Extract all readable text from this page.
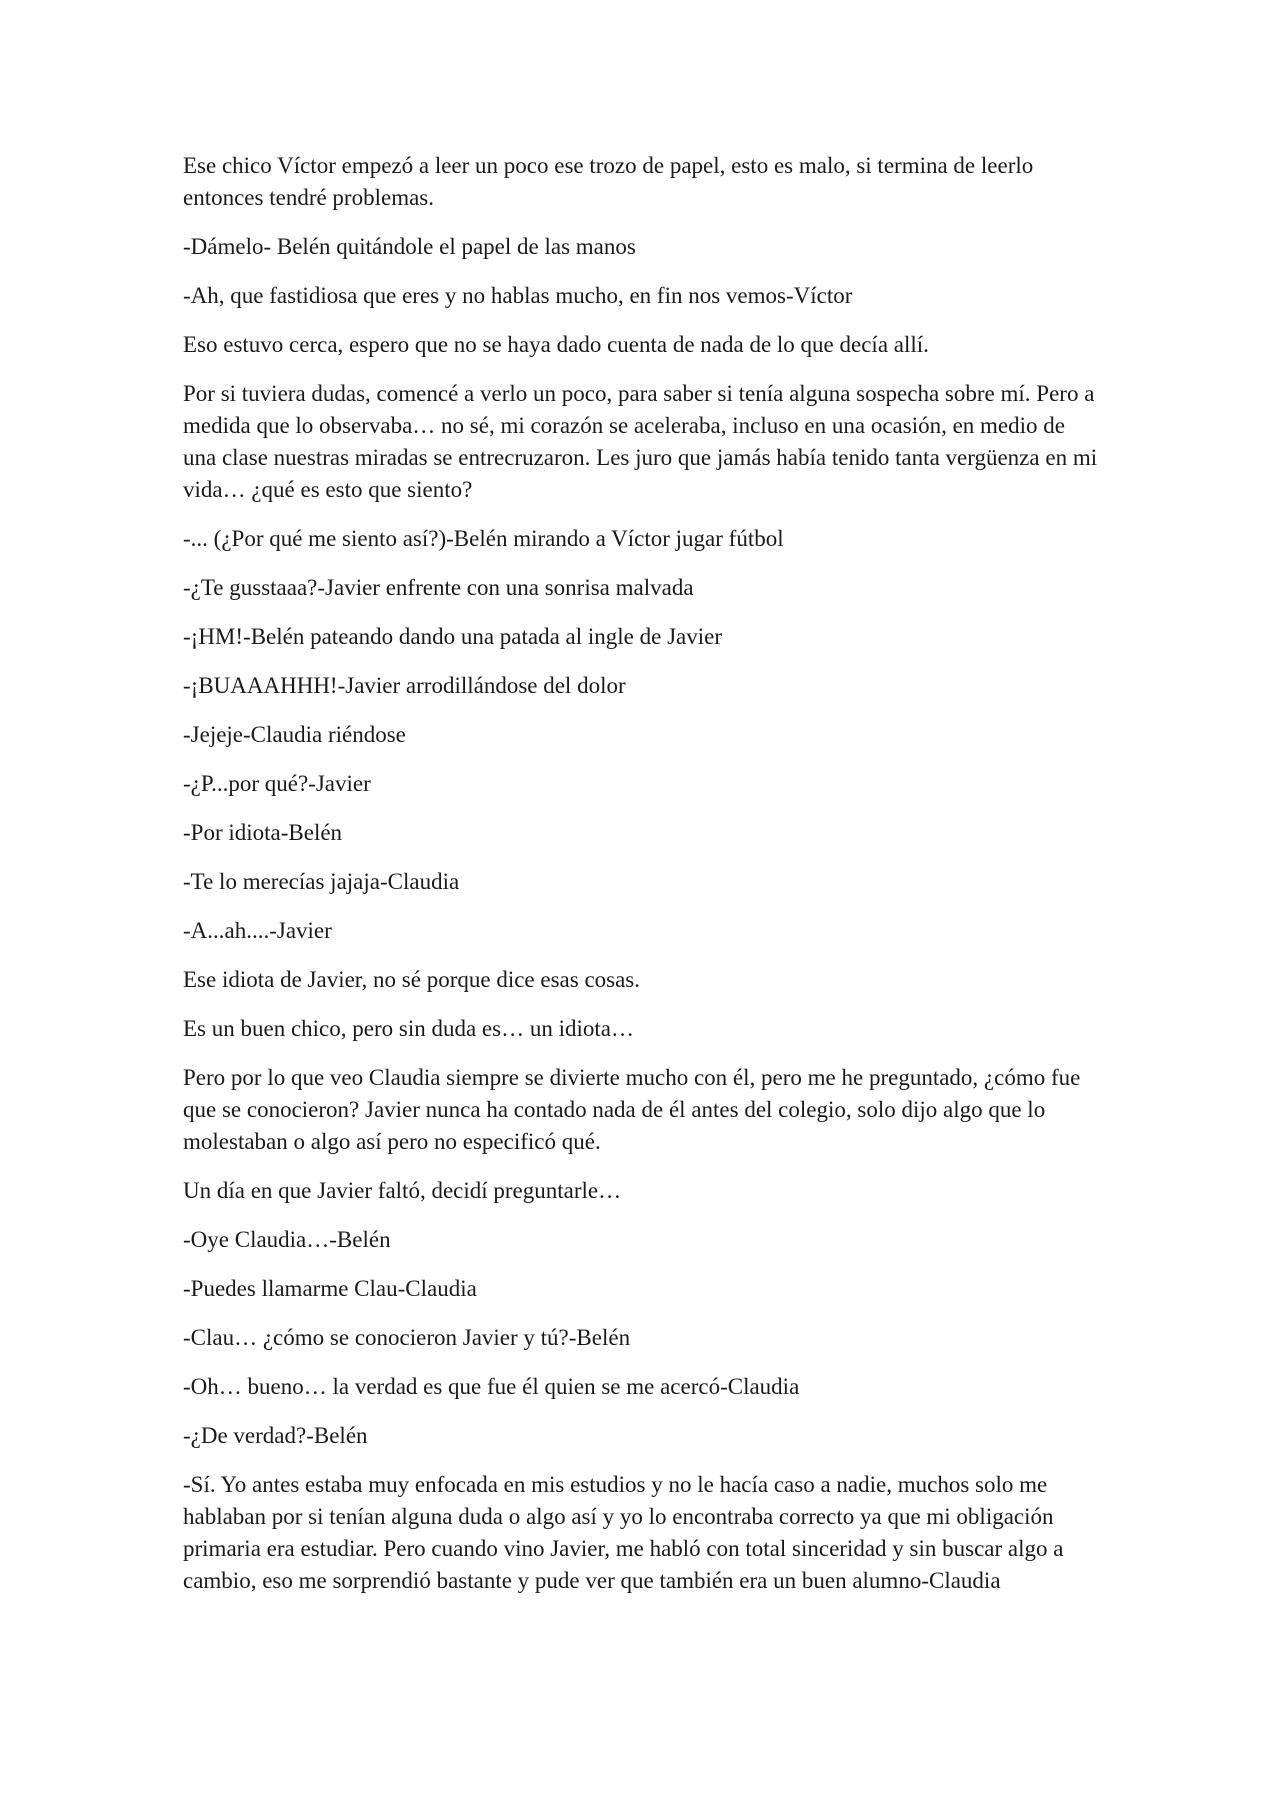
Ese chico Víctor empezó a leer un poco ese trozo de papel, esto es malo, si termina de leerlo entonces tendré problemas.

-Dámelo- Belén quitándole el papel de las manos

-Ah, que fastidiosa que eres y no hablas mucho, en fin nos vemos-Víctor

Eso estuvo cerca, espero que no se haya dado cuenta de nada de lo que decía allí.

Por si tuviera dudas, comencé a verlo un poco, para saber si tenía alguna sospecha sobre mí. Pero a medida que lo observaba… no sé, mi corazón se aceleraba, incluso en una ocasión, en medio de una clase nuestras miradas se entrecruzaron. Les juro que jamás había tenido tanta vergüenza en mi vida… ¿qué es esto que siento?

-... (¿Por qué me siento así?)-Belén mirando a Víctor jugar fútbol

-¿Te gusstaaa?-Javier enfrente con una sonrisa malvada

-¡HM!-Belén pateando dando una patada al ingle de Javier

-¡BUAAAHHH!-Javier arrodillándose del dolor

-Jejeje-Claudia riéndose

-¿P...por qué?-Javier

-Por idiota-Belén

-Te lo merecías jajaja-Claudia

-A...ah....-Javier

Ese idiota de Javier, no sé porque dice esas cosas.

Es un buen chico, pero sin duda es… un idiota…

Pero por lo que veo Claudia siempre se divierte mucho con él, pero me he preguntado, ¿cómo fue que se conocieron? Javier nunca ha contado nada de él antes del colegio, solo dijo algo que lo molestaban o algo así pero no especificó qué.

Un día en que Javier faltó, decidí preguntarle…

-Oye Claudia…-Belén

-Puedes llamarme Clau-Claudia

-Clau… ¿cómo se conocieron Javier y tú?-Belén

-Oh… bueno… la verdad es que fue él quien se me acercó-Claudia

-¿De verdad?-Belén

-Sí. Yo antes estaba muy enfocada en mis estudios y no le hacía caso a nadie, muchos solo me hablaban por si tenían alguna duda o algo así y yo lo encontraba correcto ya que mi obligación primaria era estudiar. Pero cuando vino Javier, me habló con total sinceridad y sin buscar algo a cambio, eso me sorprendió bastante y pude ver que también era un buen alumno-Claudia
